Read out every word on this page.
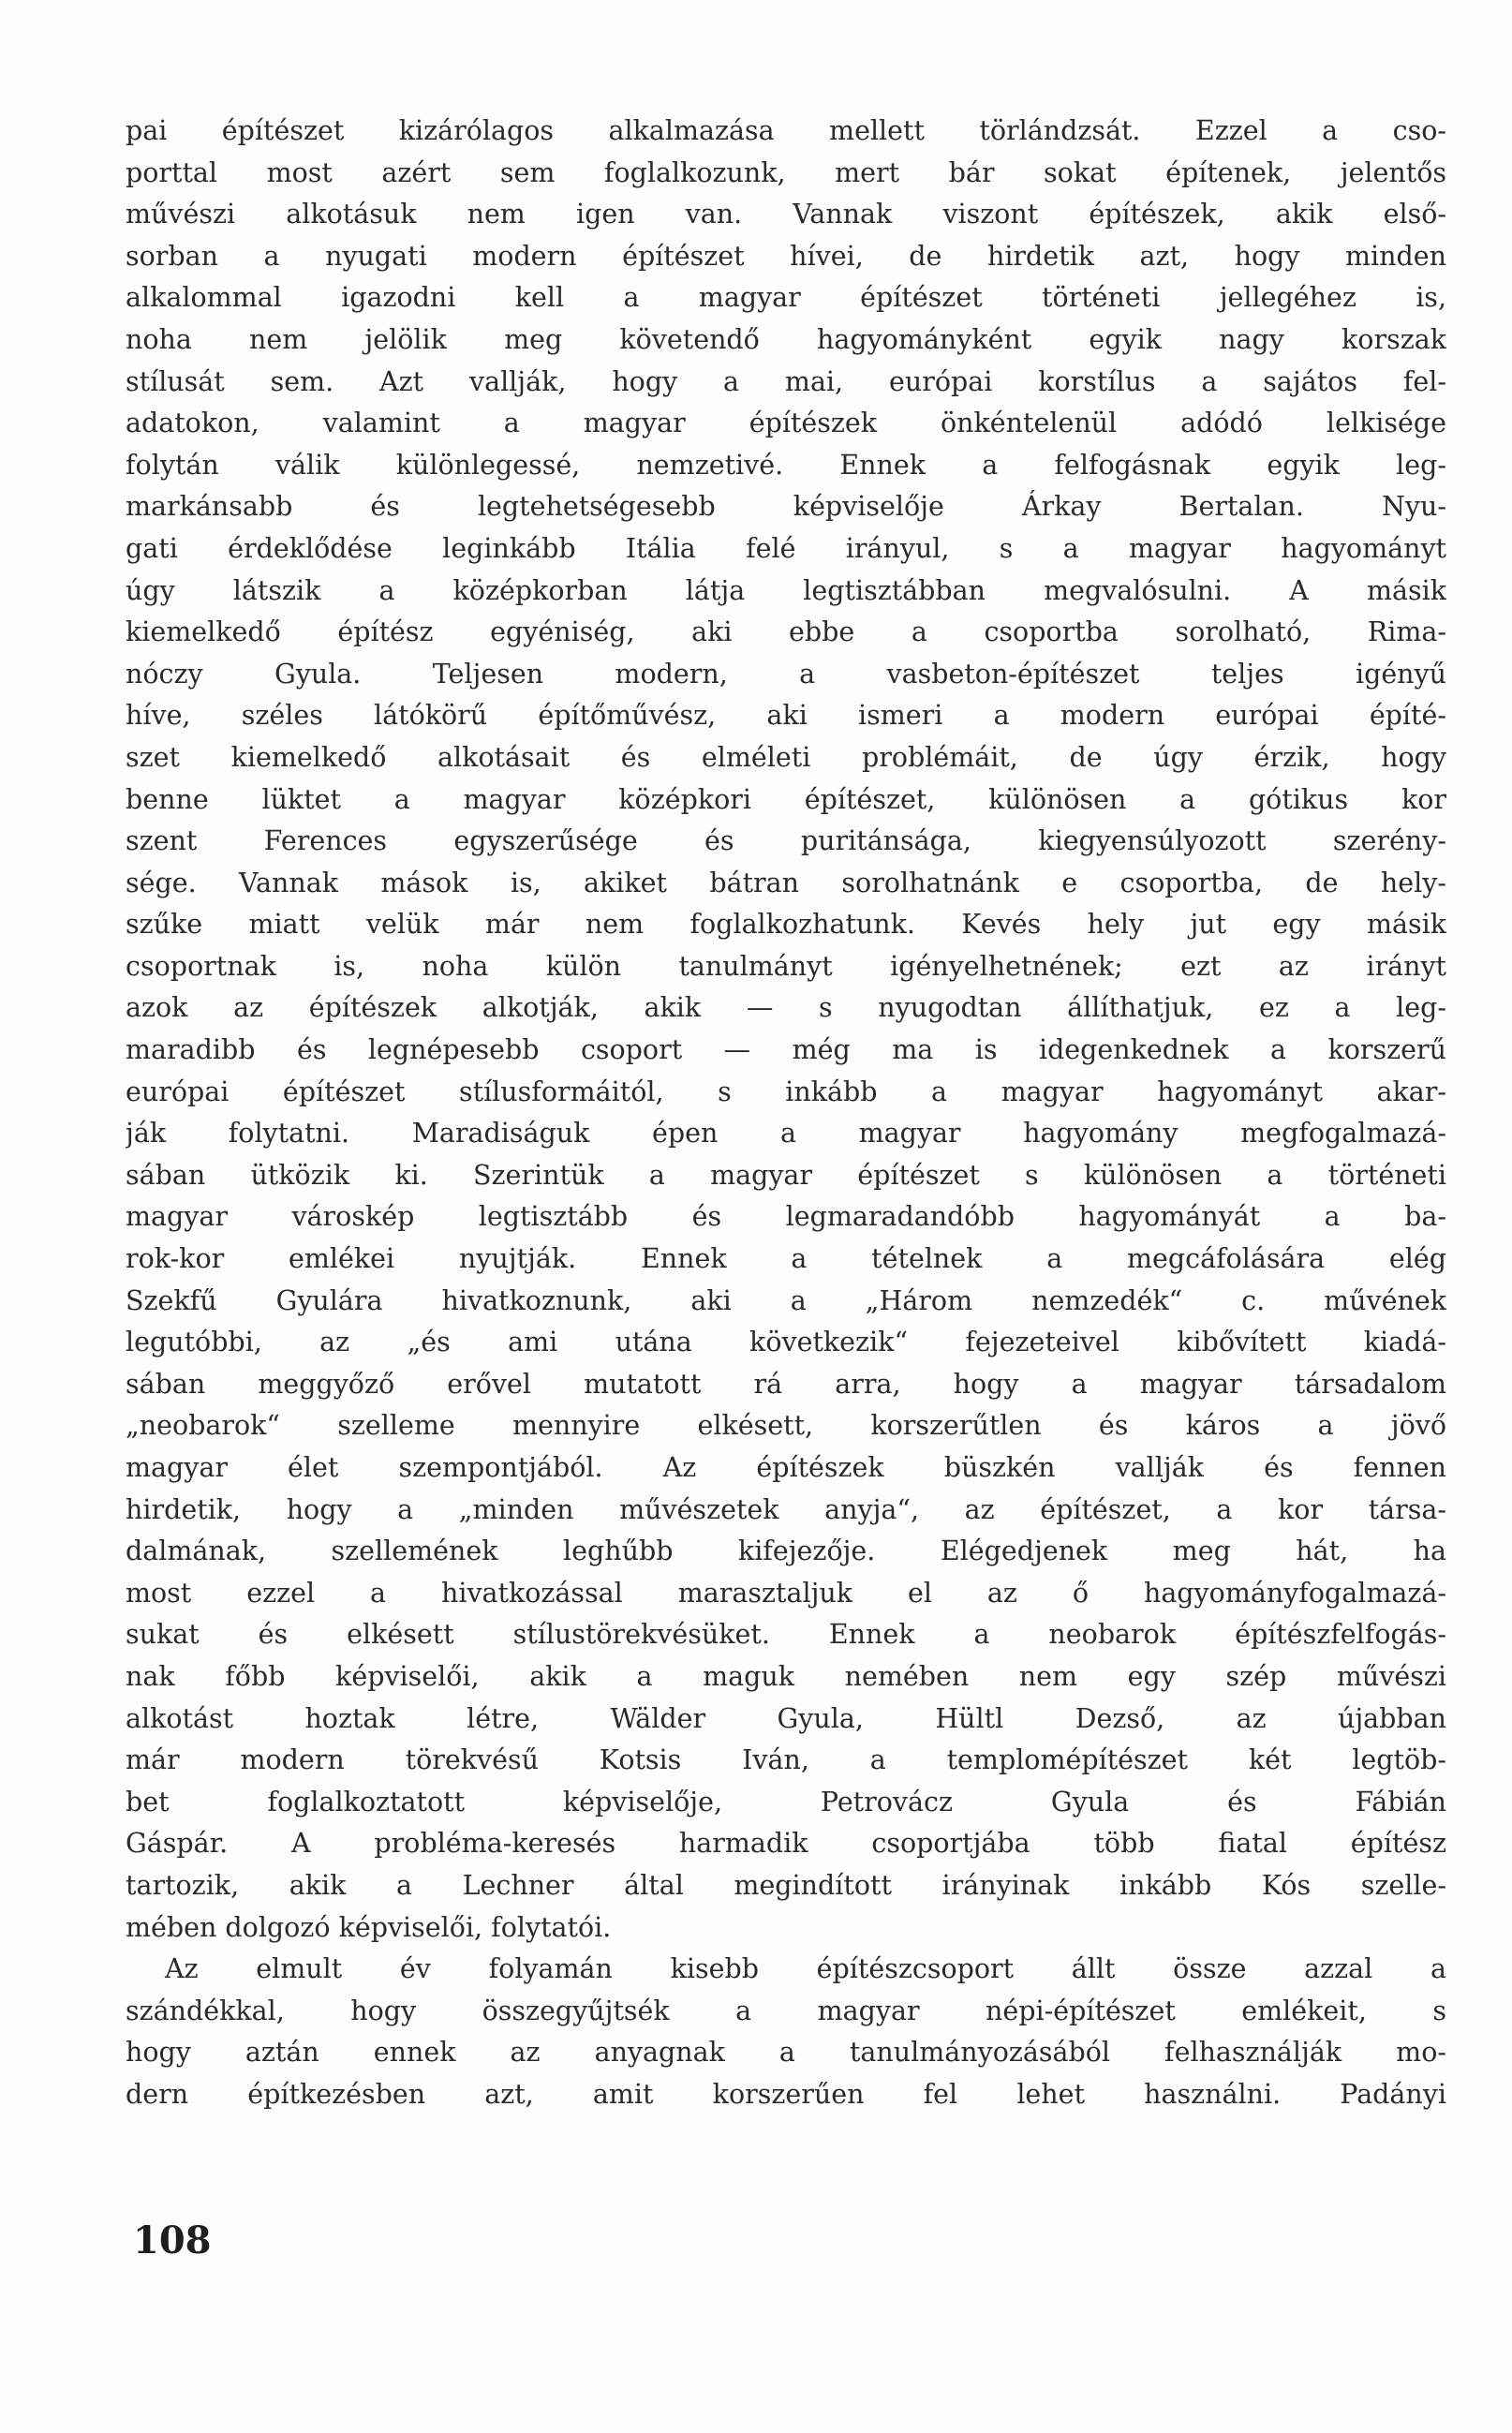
pai építészet kizárólagos alkalmazása mellett törlándzsát. Ezzel a cso-
porttal most azért sem foglalkozunk, mert bár sokat építenek, jelentős
művészi alkotásuk nem igen van. Vannak viszont építészek, akik első-
sorban a nyugati modern építészet hívei, de hirdetik azt, hogy minden
alkalommal igazodni kell a magyar építészet történeti jellegéhez is,
noha nem jelölik meg követendő hagyományként egyik nagy korszak
stílusát sem. Azt vallják, hogy a mai, európai korstílus a sajátos fel-
adatokon, valamint a magyar építészek önkéntelenül adódó lelkisége
folytán válik különlegessé, nemzetivé. Ennek a felfogásnak egyik leg-
markánsabb és legtehetségesebb képviselője Árkay Bertalan. Nyu-
gati érdeklődése leginkább Itália felé irányul, s a magyar hagyományt
úgy látszik a középkorban látja legtisztábban megvalósulni. A másik
kiemelkedő építész egyéniség, aki ebbe a csoportba sorolható, Rima-
nóczy Gyula. Teljesen modern, a vasbeton-építészet teljes igényű
híve, széles látókörű építőművész, aki ismeri a modern európai építé-
szet kiemelkedő alkotásait és elméleti problémáit, de úgy érzik, hogy
benne lüktet a magyar középkori építészet, különösen a gótikus kor
szent Ferences egyszerűsége és puritánsága, kiegyensúlyozott szerény-
sége. Vannak mások is, akiket bátran sorolhatnánk e csoportba, de hely-
szűke miatt velük már nem foglalkozhatunk. Kevés hely jut egy másik
csoportnak is, noha külön tanulmányt igényelhetnének; ezt az irányt
azok az építészek alkotják, akik — s nyugodtan állíthatjuk, ez a leg-
maradibb és legnépesebb csoport — még ma is idegenkednek a korszerű
európai építészet stílusformáitól, s inkább a magyar hagyományt akar-
ják folytatni. Maradiságuk épen a magyar hagyomány megfogalmazá-
sában ütközik ki. Szerintük a magyar építészet s különösen a történeti
magyar városkép legtisztább és legmaradandóbb hagyományát a ba-
rok-kor emlékei nyujtják. Ennek a tételnek a megcáfolására elég
Szekfű Gyulára hivatkoznunk, aki a „Három nemzedék“ c. művének
legutóbbi, az „és ami utána következik“ fejezeteivel kibővített kiadá-
sában meggyőző erővel mutatott rá arra, hogy a magyar társadalom
„neobarok“ szelleme mennyire elkésett, korszerűtlen és káros a jövő
magyar élet szempontjából. Az építészek büszkén vallják és fennen
hirdetik, hogy a „minden művészetek anyja“, az építészet, a kor társa-
dalmának, szellemének leghűbb kifejezője. Elégedjenek meg hát, ha
most ezzel a hivatkozással marasztaljuk el az ő hagyományfogalmazá-
sukat és elkésett stílustörekvésüket. Ennek a neobarok építészfelfogás-
nak főbb képviselői, akik a maguk nemében nem egy szép művészi
alkotást hoztak létre, Wälder Gyula, Hültl Dezső, az újabban
már modern törekvésű Kotsis Iván, a templomépítészet két legtöb-
bet foglalkoztatott képviselője, Petrovácz Gyula és Fábián
Gáspár. A probléma-keresés harmadik csoportjába több fiatal építész
tartozik, akik a Lechner által megindított irányinak inkább Kós szelle-
mében dolgozó képviselői, folytatói.
Az elmult év folyamán kisebb építészcsoport állt össze azzal a
szándékkal, hogy összegyűjtsék a magyar népi-építészet emlékeit, s
hogy aztán ennek az anyagnak a tanulmányozásából felhasználják mo-
dern építkezésben azt, amit korszerűen fel lehet használni. Padányi
108
